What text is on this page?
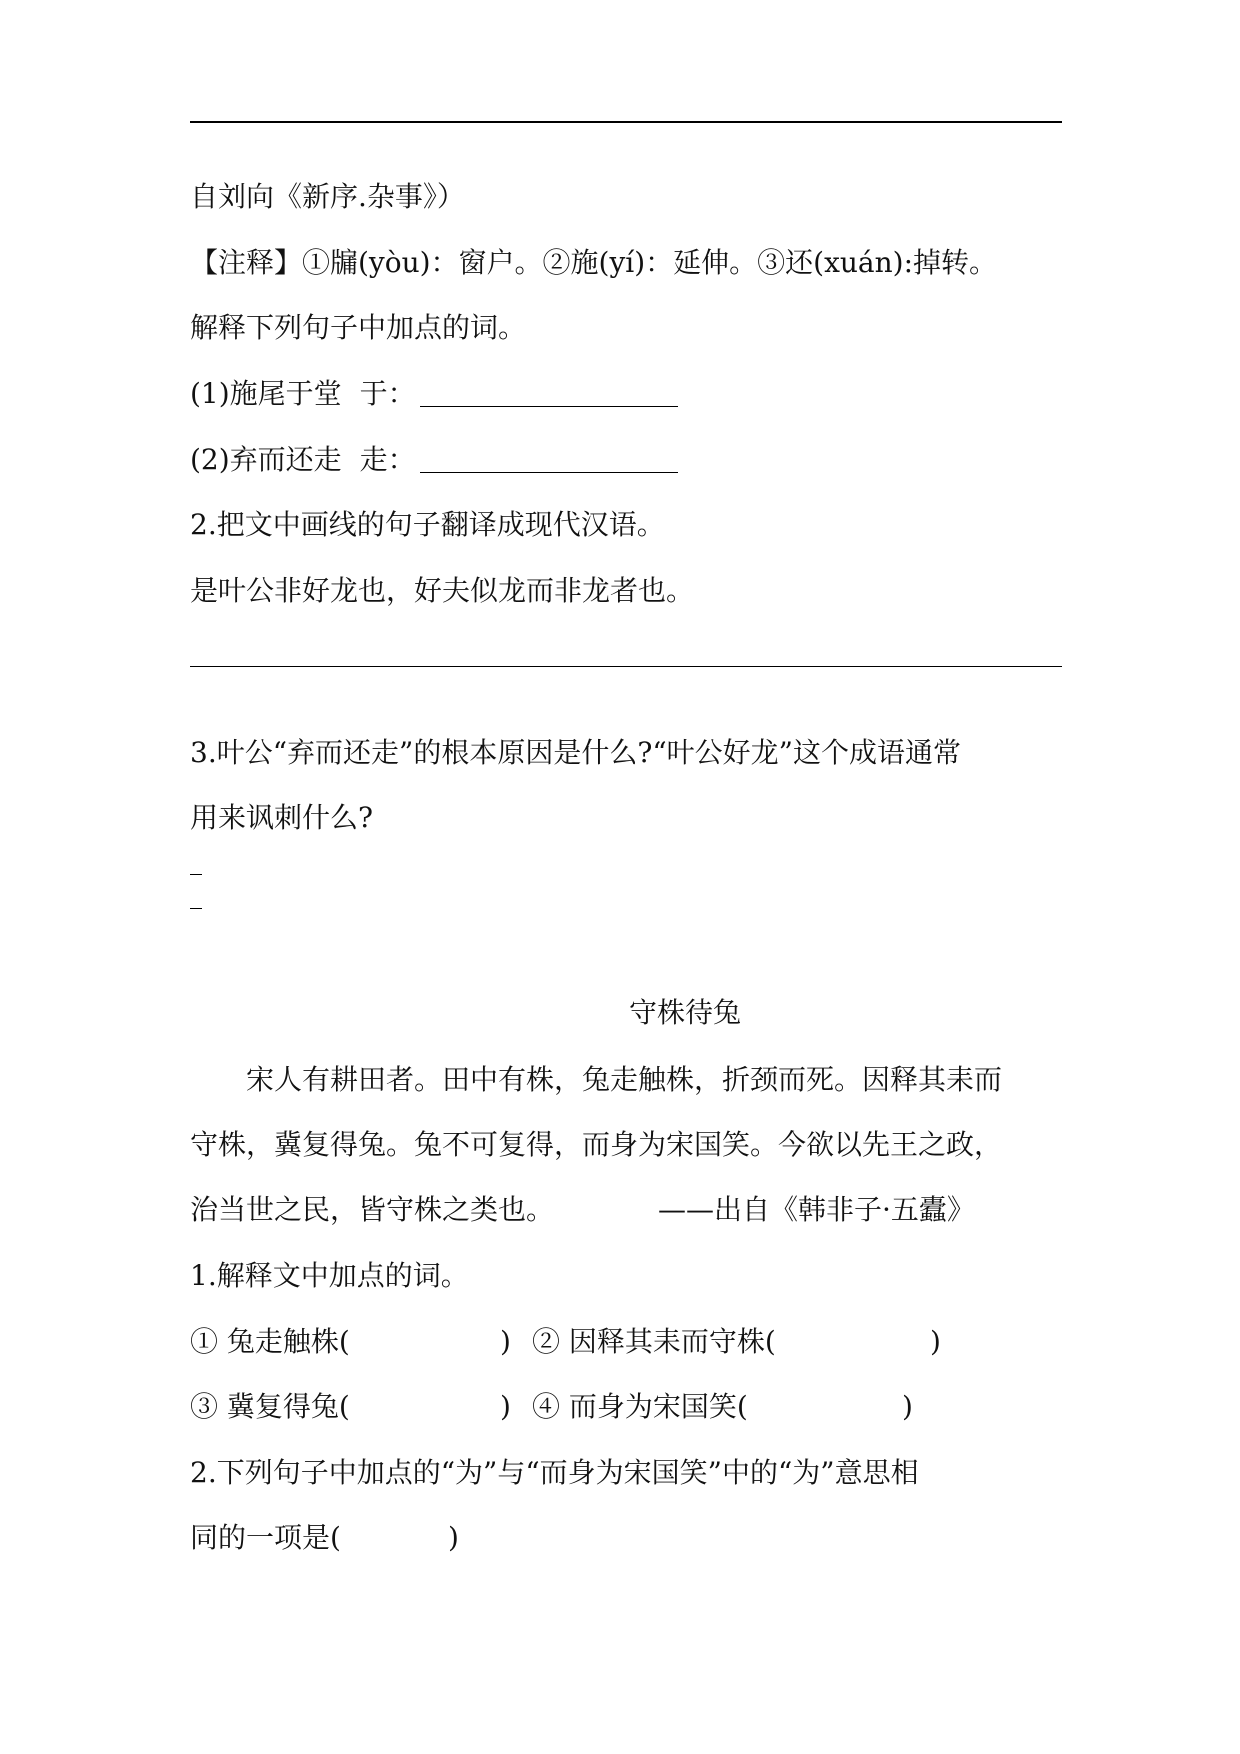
自刘向《新序.杂事》）
【注释】①牖(yòu)：窗户。②施(yí)：延伸。③还(xuán):掉转。
解释下列句子中加点的词。
(1)施尾于堂 于：
(2)弃而还走 走：
2.把文中画线的句子翻译成现代汉语。
是叶公非好龙也，好夫似龙而非龙者也。
3.叶公“弃而还走”的根本原因是什么?“叶公好龙”这个成语通常
用来讽刺什么?
守株待兔
宋人有耕田者。田中有株，兔走触株，折颈而死。因释其耒而
守株，冀复得兔。兔不可复得，而身为宋国笑。今欲以先王之政，
治当世之民，皆守株之类也。	——出自《韩非子·五蠹》
1.解释文中加点的词。
① 兔走触株(	) ② 因释其耒而守株(	)
③ 冀复得兔(	) ④ 而身为宋国笑(	)
2.下列句子中加点的“为”与“而身为宋国笑”中的“为”意思相
同的一项是(	)
